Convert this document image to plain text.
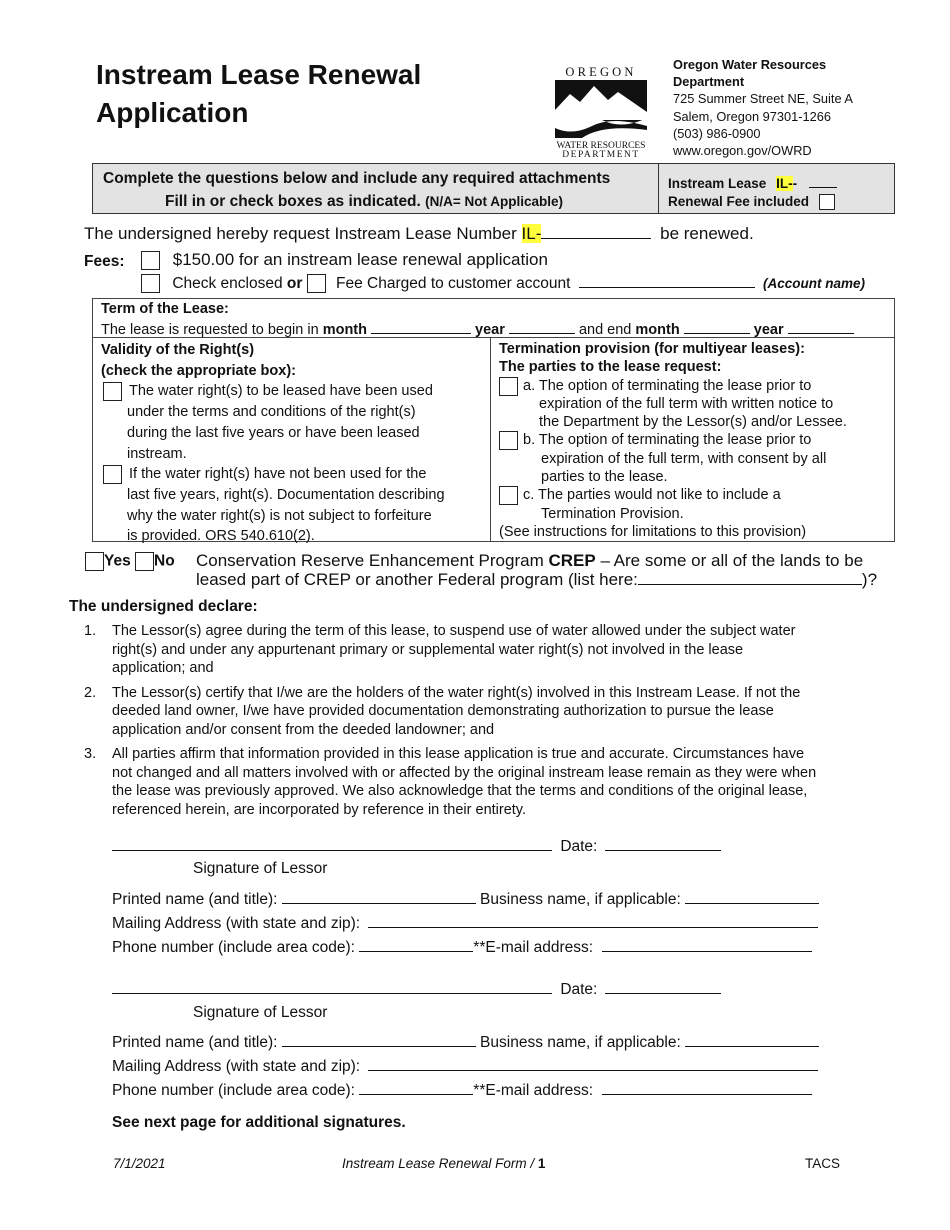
Instream Lease Renewal
Application
OREGON
WATER RESOURCES
DEPARTMENT
Oregon Water Resources
Department
725 Summer Street NE, Suite A
Salem, Oregon 97301-1266
(503) 986-0900
www.oregon.gov/OWRD
Complete the questions below and include any required attachments
Fill in or check boxes as indicated. (N/A= Not Applicable)
Instream Lease IL--
Renewal Fee included
The undersigned hereby request Instream Lease Number IL-	be renewed.
Fees:	$150.00 for an instream lease renewal application
Check enclosed or Fee Charged to customer account	(Account name)
Term of the Lease:
The lease is requested to begin in month	year	and end month	year
Validity of the Right(s)
(check the appropriate box):
The water right(s) to be leased have been used
under the terms and conditions of the right(s)
during the last five years or have been leased
instream.
If the water right(s) have not been used for the
last five years, right(s). Documentation describing
why the water right(s) is not subject to forfeiture
is provided. ORS 540.610(2).
Termination provision (for multiyear leases):
The parties to the lease request:
a. The option of terminating the lease prior to
expiration of the full term with written notice to
the Department by the Lessor(s) and/or Lessee.
b. The option of terminating the lease prior to
expiration of the full term, with consent by all
parties to the lease.
c. The parties would not like to include a
Termination Provision.
(See instructions for limitations to this provision)
Yes No Conservation Reserve Enhancement Program CREP – Are some or all of the lands to be
leased part of CREP or another Federal program (list here:	)?
The undersigned declare:
1. The Lessor(s) agree during the term of this lease, to suspend use of water allowed under the subject water
right(s) and under any appurtenant primary or supplemental water right(s) not involved in the lease
application; and
2. The Lessor(s) certify that I/we are the holders of the water right(s) involved in this Instream Lease. If not the
deeded land owner, I/we have provided documentation demonstrating authorization to pursue the lease
application and/or consent from the deeded landowner; and
3. All parties affirm that information provided in this lease application is true and accurate. Circumstances have
not changed and all matters involved with or affected by the original instream lease remain as they were when
the lease was previously approved. We also acknowledge that the terms and conditions of the original lease,
referenced herein, are incorporated by reference in their entirety.
Date:
Signature of Lessor
Printed name (and title):	Business name, if applicable:
Mailing Address (with state and zip):
Phone number (include area code):	**E-mail address:
Date:
Signature of Lessor
Printed name (and title):	Business name, if applicable:
Mailing Address (with state and zip):
Phone number (include area code):	**E-mail address:
See next page for additional signatures.
7/1/2021	Instream Lease Renewal Form / 1	TACS
